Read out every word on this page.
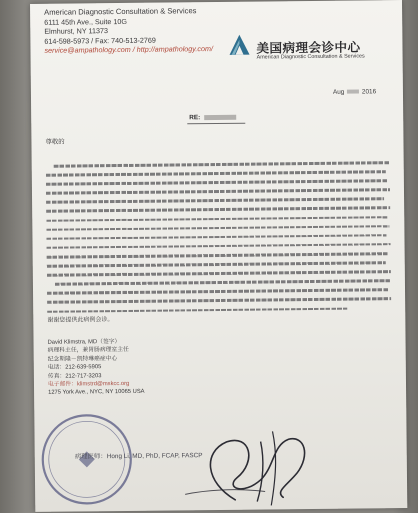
American Diagnostic Consultation & Services
6111 45th Ave., Suite 10G
Elmhurst, NY 11373
614-598-5973 / Fax: 740-513-2769
service@ampathology.com / http://ampathology.com/	美国病理会诊中心
American Diagnostic Consultation & Services
Aug	2016
RE:
尊敬的
谢谢您提供此病例会诊。
David Klimstra, MD（签字）
病理科主任，兼胃肠病理室主任
纪念斯隆－凯特琳癌症中心
电话：212-639-5905
传真：212-717-3203
电子邮件：klimstrd@mskcc.org
1275 York Ave., NYC, NY 10065 USA
病理医师：Hong Li, MD, PhD, FCAP, FASCP
